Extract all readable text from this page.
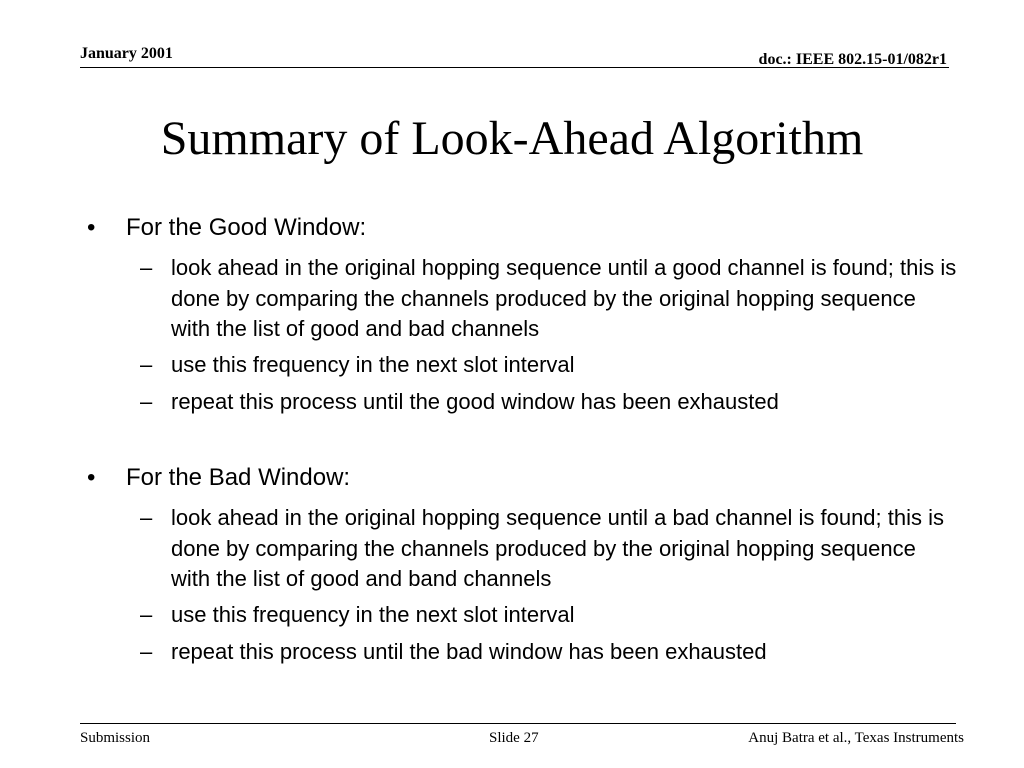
January 2001	doc.: IEEE 802.15-01/082r1
Summary of Look-Ahead Algorithm
• For the Good Window:
– look ahead in the original hopping sequence until a good channel is found; this is done by comparing the channels produced by the original hopping sequence with the list of good and bad channels
– use this frequency in the next slot interval
– repeat this process until the good window has been exhausted
• For the Bad Window:
– look ahead in the original hopping sequence until a bad channel is found; this is done by comparing the channels produced by the original hopping sequence with the list of good and band channels
– use this frequency in the next slot interval
– repeat this process until the bad window has been exhausted
Submission	Slide 27	Anuj Batra et al., Texas Instruments
